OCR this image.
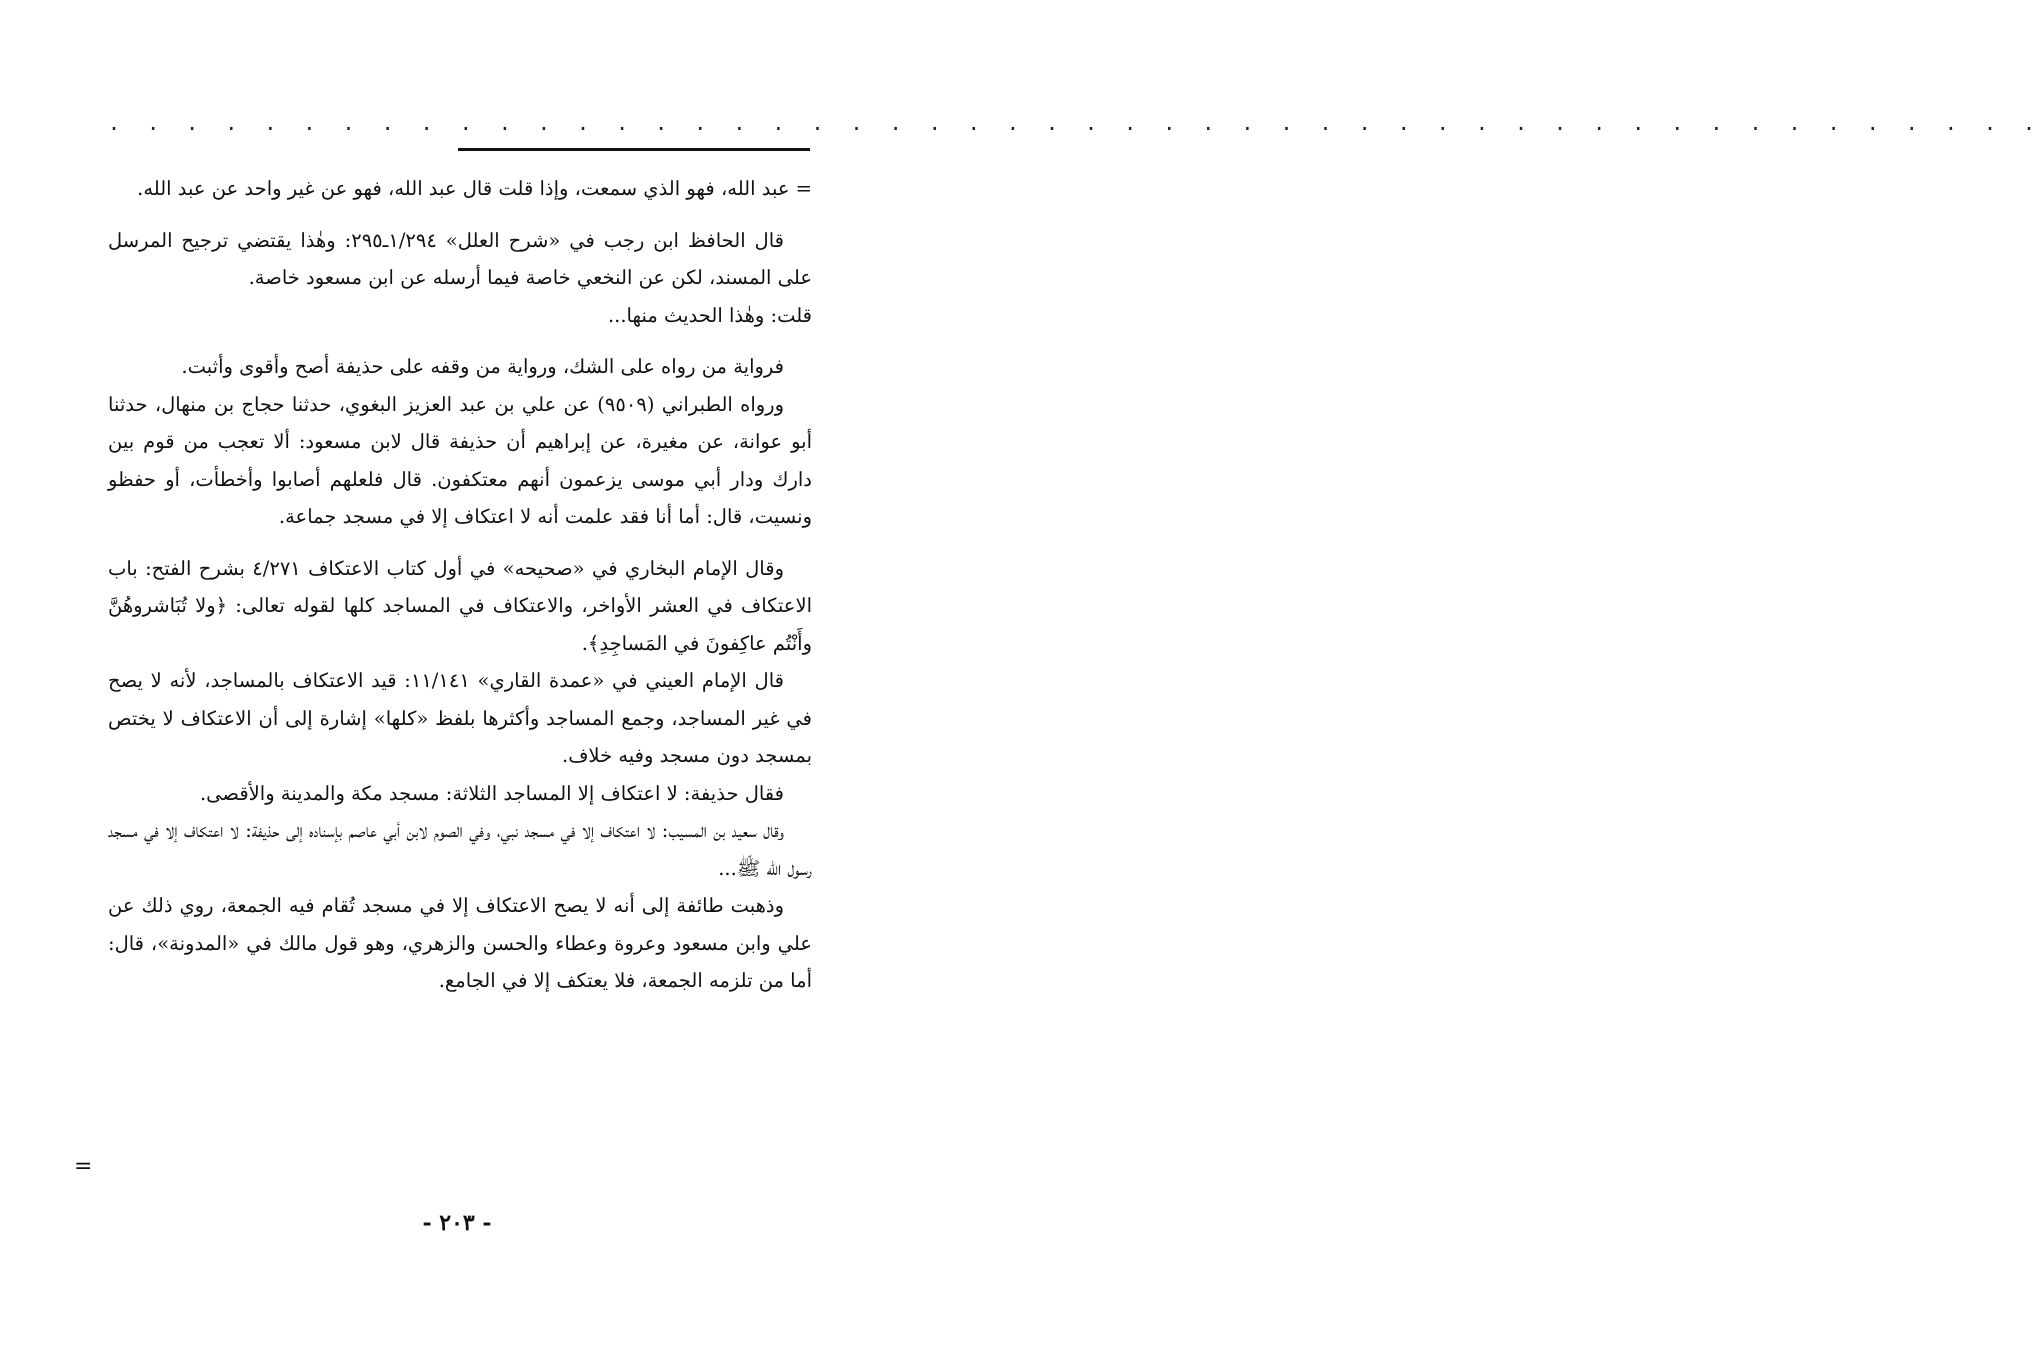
. . . . . . . . . . . . . . . . . . . . . . . . . . . . . . . . . . . . . . . . . . . . . . . . . .

= عبد الله، فهو الذي سمعت، وإذا قلت قال عبد الله، فهو عن غير واحد عن عبد الله.

قال الحافظ ابن رجب في «شرح العلل» ١/٢٩٤ـ٢٩٥: وهٰذا يقتضي ترجيح المرسل على المسند، لكن عن النخعي خاصة فيما أرسله عن ابن مسعود خاصة.

قلت: وهٰذا الحديث منها...

فرواية من رواه على الشك، ورواية من وقفه على حذيفة أصح وأقوى وأثبت.

ورواه الطبراني (٩٥٠٩) عن علي بن عبد العزيز البغوي، حدثنا حجاج بن منهال، حدثنا أبو عوانة، عن مغيرة، عن إبراهيم أن حذيفة قال لابن مسعود: ألا تعجب من قوم بين دارك ودار أبي موسى يزعمون أنهم معتكفون. قال فلعلهم أصابوا وأخطأت، أو حفظو ونسيت، قال: أما أنا فقد علمت أنه لا اعتكاف إلا في مسجد جماعة.

وقال الإمام البخاري في «صحيحه» في أول كتاب الاعتكاف ٤/٢٧١ بشرح الفتح: باب الاعتكاف في العشر الأواخر، والاعتكاف في المساجد كلها لقوله تعالى: ﴿ولا تُبَاشروهُنَّ وأَنْتُم عاكِفونَ في المَساجِدِ﴾.

قال الإمام العيني في «عمدة القاري» ١١/١٤١: قيد الاعتكاف بالمساجد، لأنه لا يصح في غير المساجد، وجمع المساجد وأكثرها بلفظ «كلها» إشارة إلى أن الاعتكاف لا يختص بمسجد دون مسجد وفيه خلاف.

فقال حذيفة: لا اعتكاف إلا المساجد الثلاثة: مسجد مكة والمدينة والأقصى.

وقال سعيد بن المسيب: لا اعتكاف إلا في مسجد نبي، وفي الصوم لابن أبي عاصم بإسناده إلى حذيفة: لا اعتكاف إلا في مسجد رسول الله ﷺ...

وذهبت طائفة إلى أنه لا يصح الاعتكاف إلا في مسجد تُقام فيه الجمعة، روي ذلك عن علي وابن مسعود وعروة وعطاء والحسن والزهري، وهو قول مالك في «المدونة»، قال: أما من تلزمه الجمعة، فلا يعتكف إلا في الجامع.

=
- ٢٠٣ -
